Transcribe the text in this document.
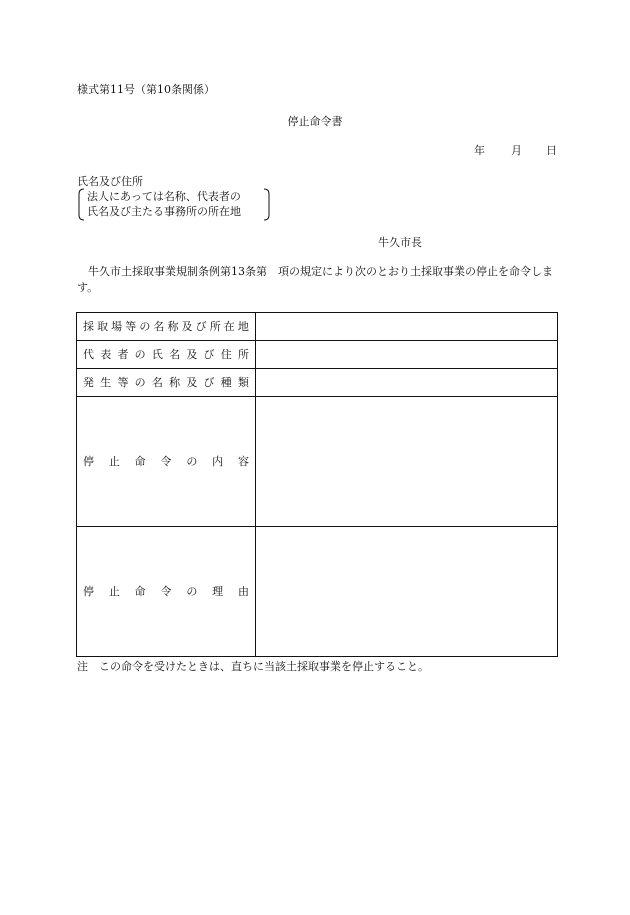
様式第11号（第10条関係）
停止命令書
年 月 日
氏名及び住所
法人にあっては名称、代表者の
氏名及び主たる事務所の所在地
牛久市長
牛久市土採取事業規制条例第13条第　項の規定により次のとおり土採取事業の停止を命令します。
採 取 場 等 の 名 称 及 び 所 在 地
代 表 者 の 氏 名 及 び 住 所
発 生 等 の 名 称 及 び 種 類
停 止 命 令 の 内 容
停 止 命 令 の 理 由
注　この命令を受けたときは、直ちに当該土採取事業を停止すること。
